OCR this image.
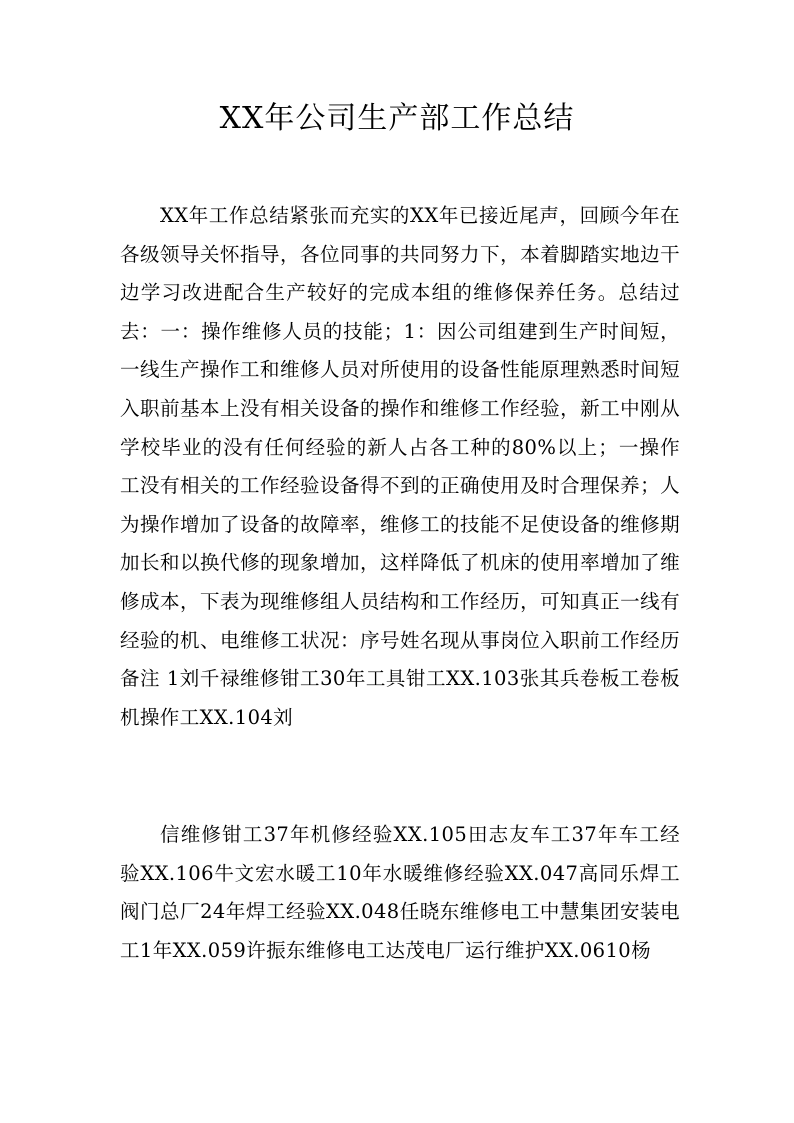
XX年公司生产部工作总结

XX年工作总结紧张而充实的XX年已接近尾声，回顾今年在各级领导关怀指导，各位同事的共同努力下，本着脚踏实地边干边学习改进配合生产较好的完成本组的维修保养任务。总结过去：一：操作维修人员的技能；1：因公司组建到生产时间短，一线生产操作工和维修人员对所使用的设备性能原理熟悉时间短入职前基本上没有相关设备的操作和维修工作经验，新工中刚从学校毕业的没有任何经验的新人占各工种的80%以上；一操作工没有相关的工作经验设备得不到的正确使用及时合理保养；人为操作增加了设备的故障率，维修工的技能不足使设备的维修期加长和以换代修的现象增加，这样降低了机床的使用率增加了维修成本，下表为现维修组人员结构和工作经历，可知真正一线有经验的机、电维修工状况：序号姓名现从事岗位入职前工作经历备注 1刘千禄维修钳工30年工具钳工XX.103张其兵卷板工卷板机操作工XX.104刘

信维修钳工37年机修经验XX.105田志友车工37年车工经验XX.106牛文宏水暖工10年水暖维修经验XX.047高同乐焊工阀门总厂24年焊工经验XX.048任晓东维修电工中慧集团安装电工1年XX.059许振东维修电工达茂电厂运行维护XX.0610杨
